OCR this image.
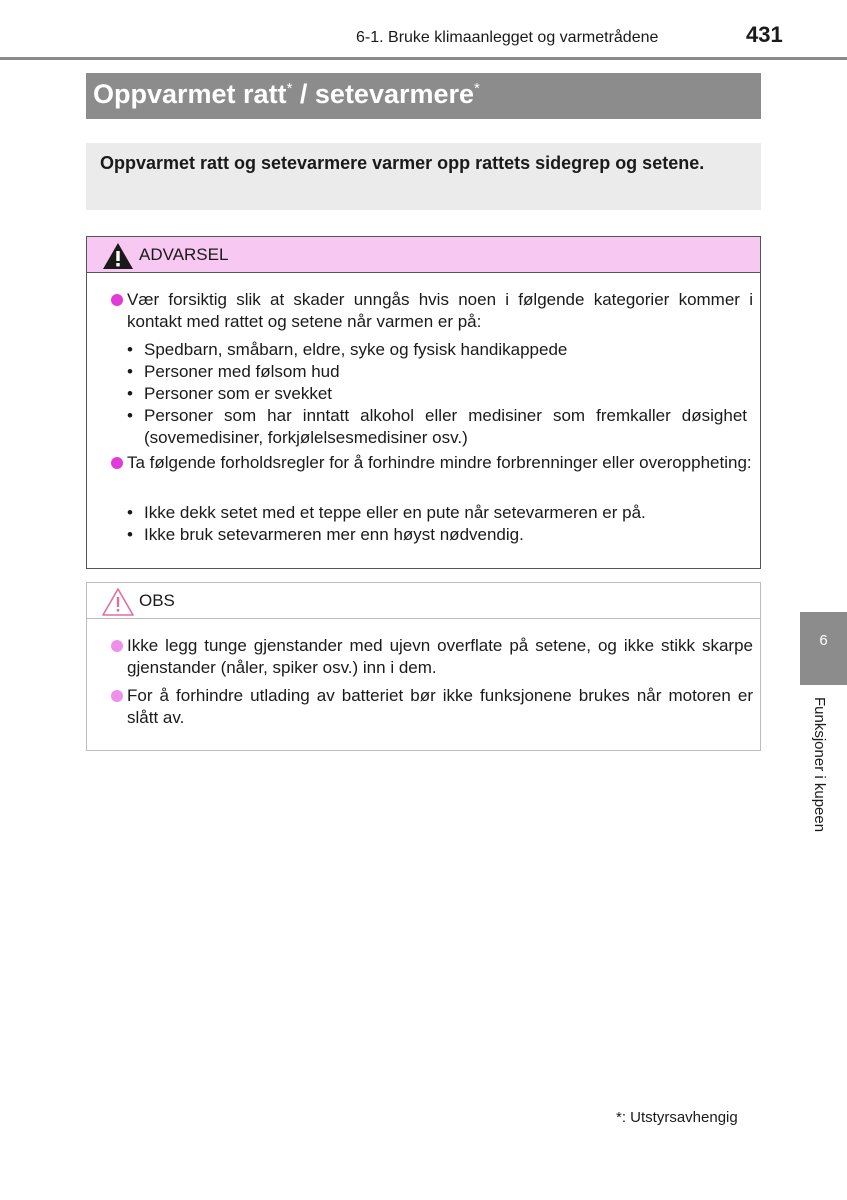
6-1. Bruke klimaanlegget og varmetrådene	431
Oppvarmet ratt* / setevarmere*
Oppvarmet ratt og setevarmere varmer opp rattets sidegrep og setene.
ADVARSEL
Vær forsiktig slik at skader unngås hvis noen i følgende kategorier kommer i kontakt med rattet og setene når varmen er på:
• Spedbarn, småbarn, eldre, syke og fysisk handikappede
• Personer med følsom hud
• Personer som er svekket
• Personer som har inntatt alkohol eller medisiner som fremkaller døsighet (sovemedisiner, forkjølelsesmedisiner osv.)
Ta følgende forholdsregler for å forhindre mindre forbrenninger eller overoppheting:
• Ikke dekk setet med et teppe eller en pute når setevarmeren er på.
• Ikke bruk setevarmeren mer enn høyst nødvendig.
OBS
Ikke legg tunge gjenstander med ujevn overflate på setene, og ikke stikk skarpe gjenstander (nåler, spiker osv.) inn i dem.
For å forhindre utlading av batteriet bør ikke funksjonene brukes når motoren er slått av.
6
Funksjoner i kupeen
*: Utstyrsavhengig
